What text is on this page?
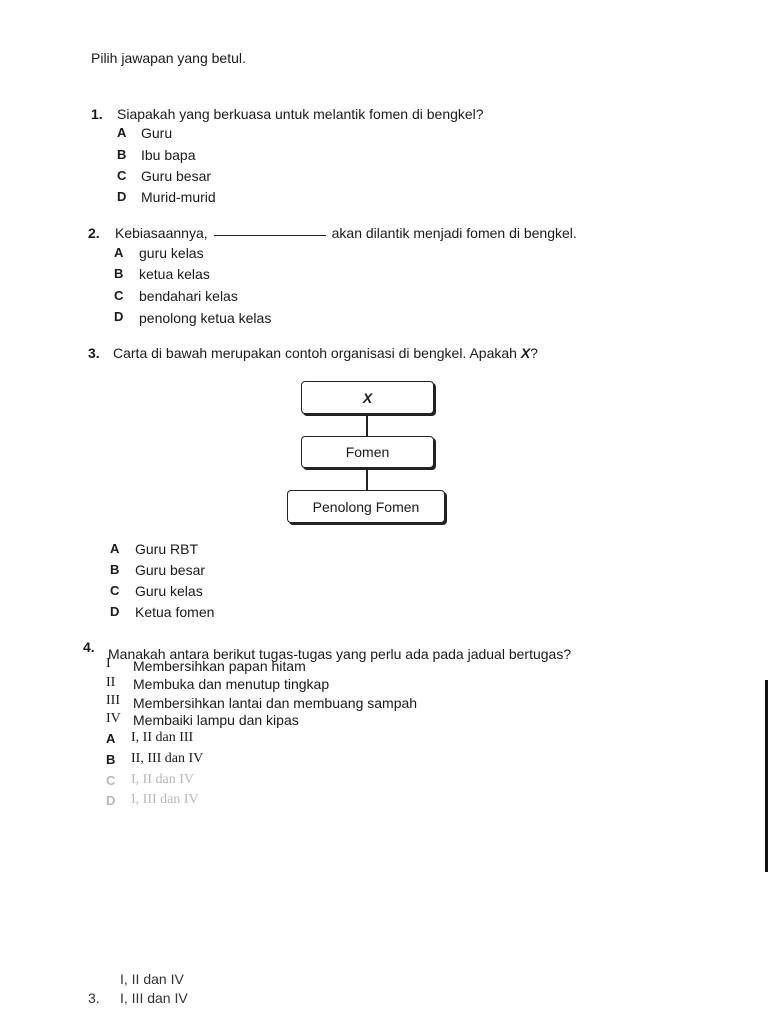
Pilih jawapan yang betul.
1. Siapakah yang berkuasa untuk melantik fomen di bengkel?
A Guru
B Ibu bapa
C Guru besar
D Murid-murid
2. Kebiasaannya,	akan dilantik menjadi fomen di bengkel.
A guru kelas
B ketua kelas
C bendahari kelas
D penolong ketua kelas
3. Carta di bawah merupakan contoh organisasi di bengkel. Apakah X?
X
Fomen
Penolong Fomen
A Guru RBT
B Guru besar
C Guru kelas
D Ketua fomen
4. Manakah antara berikut tugas-tugas yang perlu ada pada jadual bertugas?
I Membersihkan papan hitam
II Membuka dan menutup tingkap
III Membersihkan lantai dan membuang sampah
IV Membaiki lampu dan kipas
A I, II dan III
B II, III dan IV
C I, II dan IV
D I, III dan IV
I, II dan IV
3. I, III dan IV
